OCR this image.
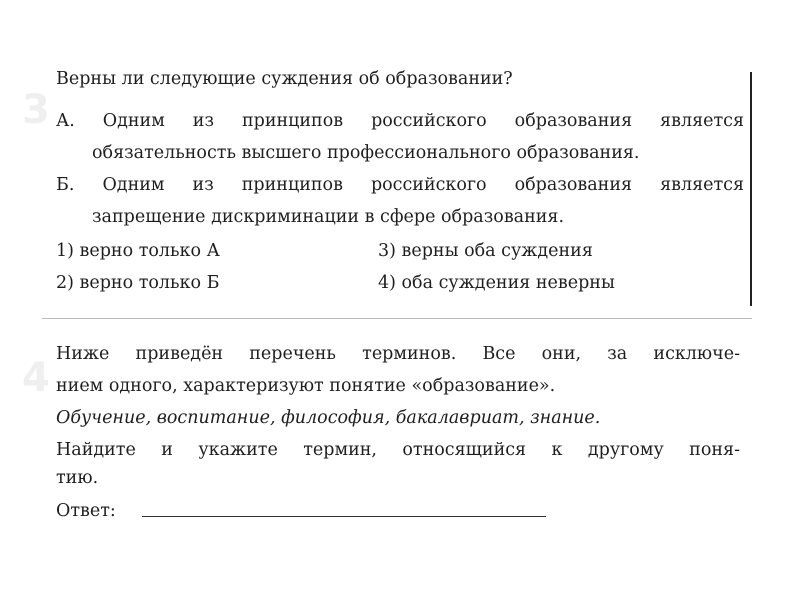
3
4
Верны ли следующие суждения об образовании?
А. Одним из принципов российского образования является
обязательность высшего профессионального образования.
Б. Одним из принципов российского образования является
запрещение дискриминации в сфере образования.
1) верно только А	3) верны оба суждения
2) верно только Б	4) оба суждения неверны
Ниже приведён перечень терминов. Все они, за исключе-
нием одного, характеризуют понятие «образование».
Обучение, воспитание, философия, бакалавриат, знание.
Найдите и укажите термин, относящийся к другому поня-
тию.
Ответ:
